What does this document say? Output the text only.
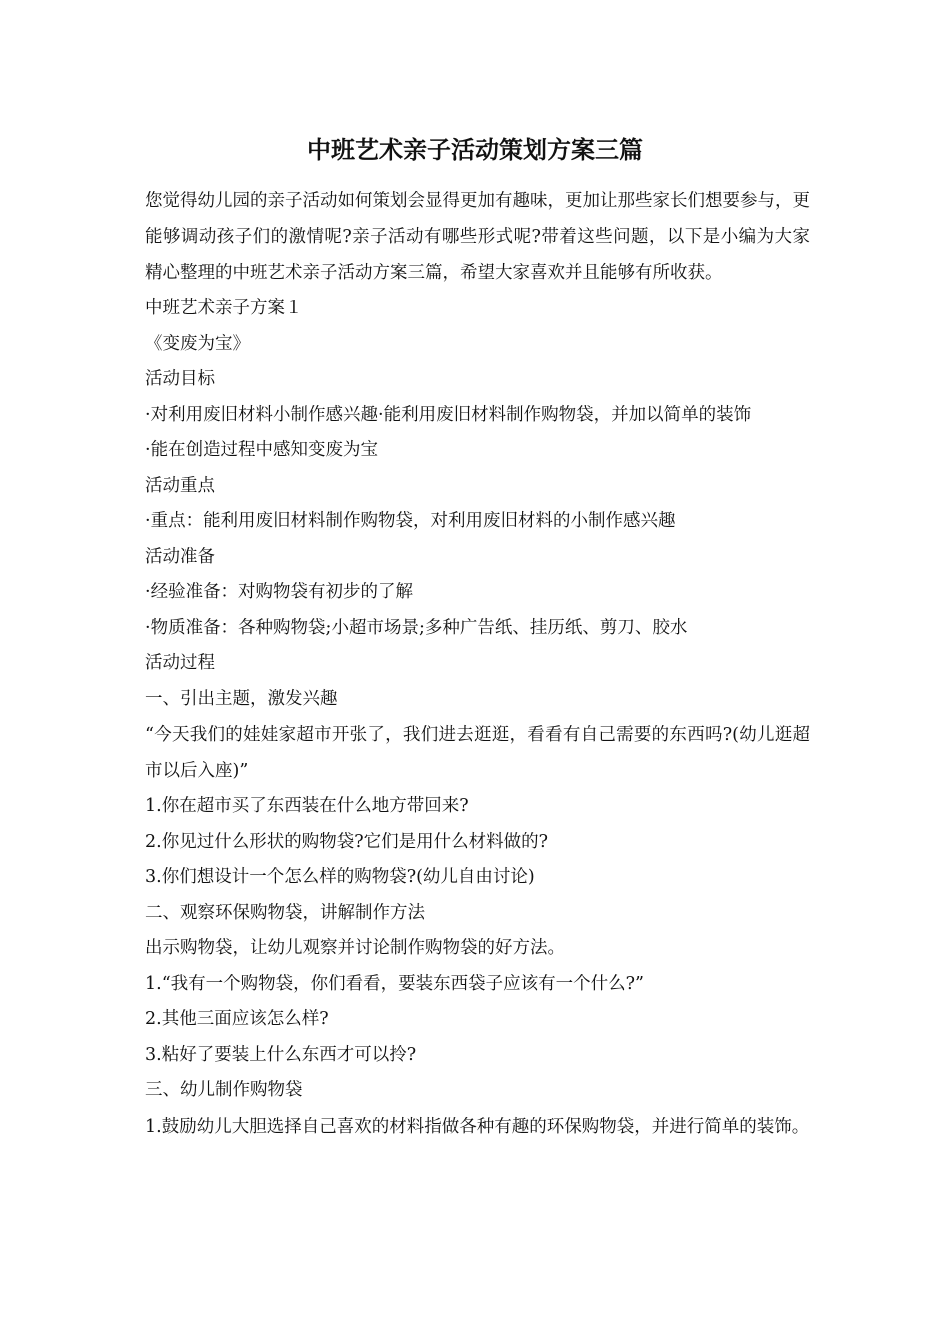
中班艺术亲子活动策划方案三篇

您觉得幼儿园的亲子活动如何策划会显得更加有趣味，更加让那些家长们想要参与，更能够调动孩子们的激情呢?亲子活动有哪些形式呢?带着这些问题，以下是小编为大家精心整理的中班艺术亲子活动方案三篇，希望大家喜欢并且能够有所收获。

中班艺术亲子方案１

《变废为宝》

活动目标

·对利用废旧材料小制作感兴趣·能利用废旧材料制作购物袋，并加以简单的装饰

·能在创造过程中感知变废为宝

活动重点

·重点：能利用废旧材料制作购物袋，对利用废旧材料的小制作感兴趣

活动准备

·经验准备：对购物袋有初步的了解

·物质准备：各种购物袋;小超市场景;多种广告纸、挂历纸、剪刀、胶水

活动过程

一、引出主题，激发兴趣

“今天我们的娃娃家超市开张了，我们进去逛逛，看看有自己需要的东西吗?(幼儿逛超市以后入座)”

1.你在超市买了东西装在什么地方带回来?

2.你见过什么形状的购物袋?它们是用什么材料做的?

3.你们想设计一个怎么样的购物袋?(幼儿自由讨论)

二、观察环保购物袋，讲解制作方法

出示购物袋，让幼儿观察并讨论制作购物袋的好方法。

1.“我有一个购物袋，你们看看，要装东西袋子应该有一个什么?”

2.其他三面应该怎么样?

3.粘好了要装上什么东西才可以拎?

三、幼儿制作购物袋

1.鼓励幼儿大胆选择自己喜欢的材料指做各种有趣的环保购物袋，并进行简单的装饰。
